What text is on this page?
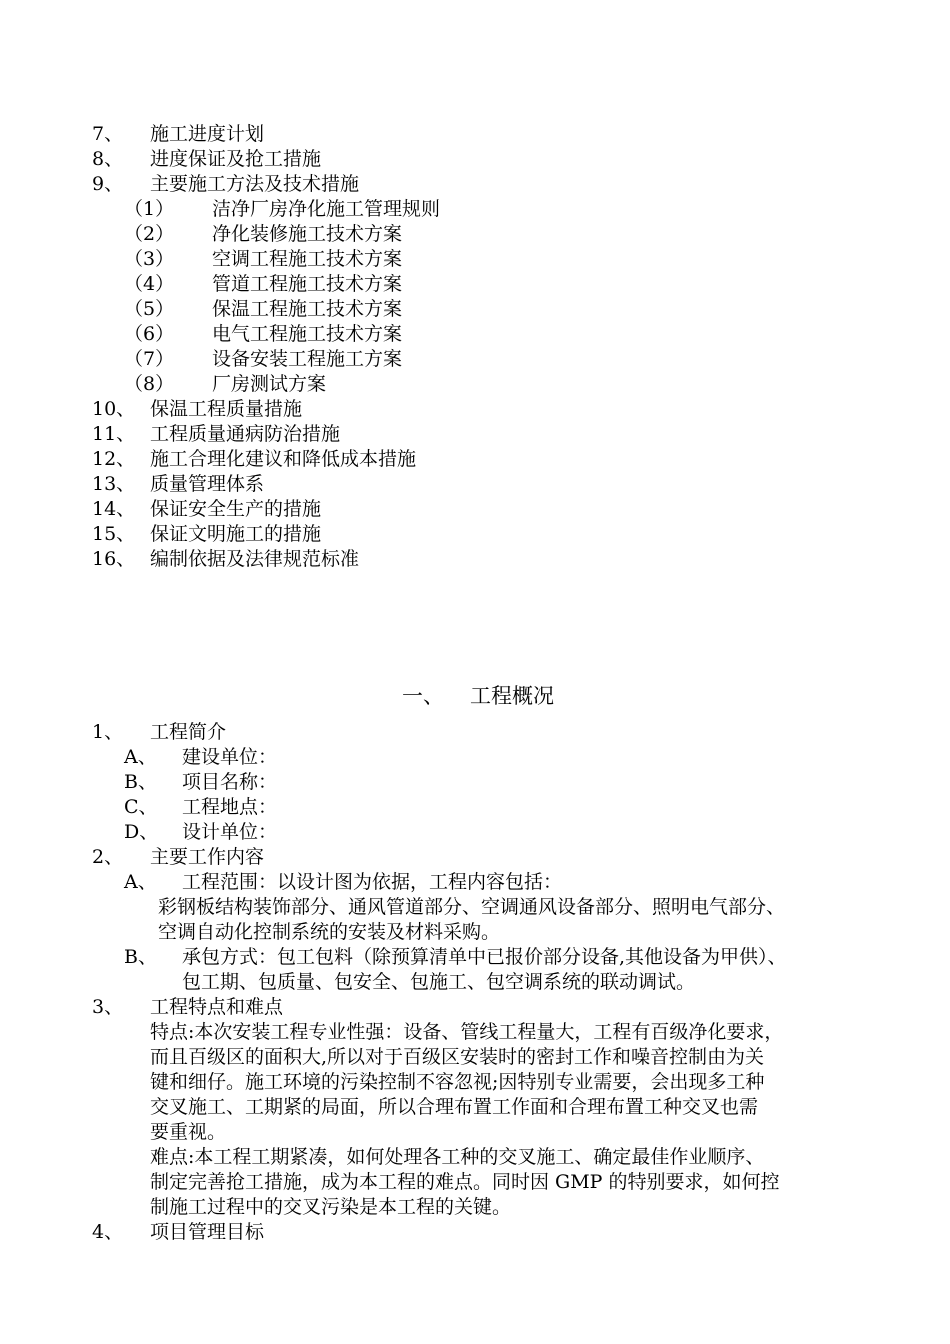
7、 施工进度计划
8、 进度保证及抢工措施
9、 主要施工方法及技术措施
（1） 洁净厂房净化施工管理规则
（2） 净化装修施工技术方案
（3） 空调工程施工技术方案
（4） 管道工程施工技术方案
（5） 保温工程施工技术方案
（6） 电气工程施工技术方案
（7） 设备安装工程施工方案
（8） 厂房测试方案
10、 保温工程质量措施
11、 工程质量通病防治措施
12、 施工合理化建议和降低成本措施
13、 质量管理体系
14、 保证安全生产的措施
15、 保证文明施工的措施
16、 编制依据及法律规范标准
一、 工程概况
1、 工程简介
A、 建设单位：
B、 项目名称：
C、 工程地点：
D、 设计单位：
2、 主要工作内容
A、 工程范围：以设计图为依据，工程内容包括：
彩钢板结构装饰部分、通风管道部分、空调通风设备部分、照明电气部分、
空调自动化控制系统的安装及材料采购。
B、 承包方式：包工包料（除预算清单中已报价部分设备,其他设备为甲供）、
包工期、包质量、包安全、包施工、包空调系统的联动调试。
3、 工程特点和难点
特点:本次安装工程专业性强：设备、管线工程量大，工程有百级净化要求，
而且百级区的面积大,所以对于百级区安装时的密封工作和噪音控制由为关
键和细仔。施工环境的污染控制不容忽视;因特别专业需要，会出现多工种
交叉施工、工期紧的局面，所以合理布置工作面和合理布置工种交叉也需
要重视。
难点:本工程工期紧凑，如何处理各工种的交叉施工、确定最佳作业顺序、
制定完善抢工措施，成为本工程的难点。同时因 GMP 的特别要求，如何控
制施工过程中的交叉污染是本工程的关键。
4、 项目管理目标
